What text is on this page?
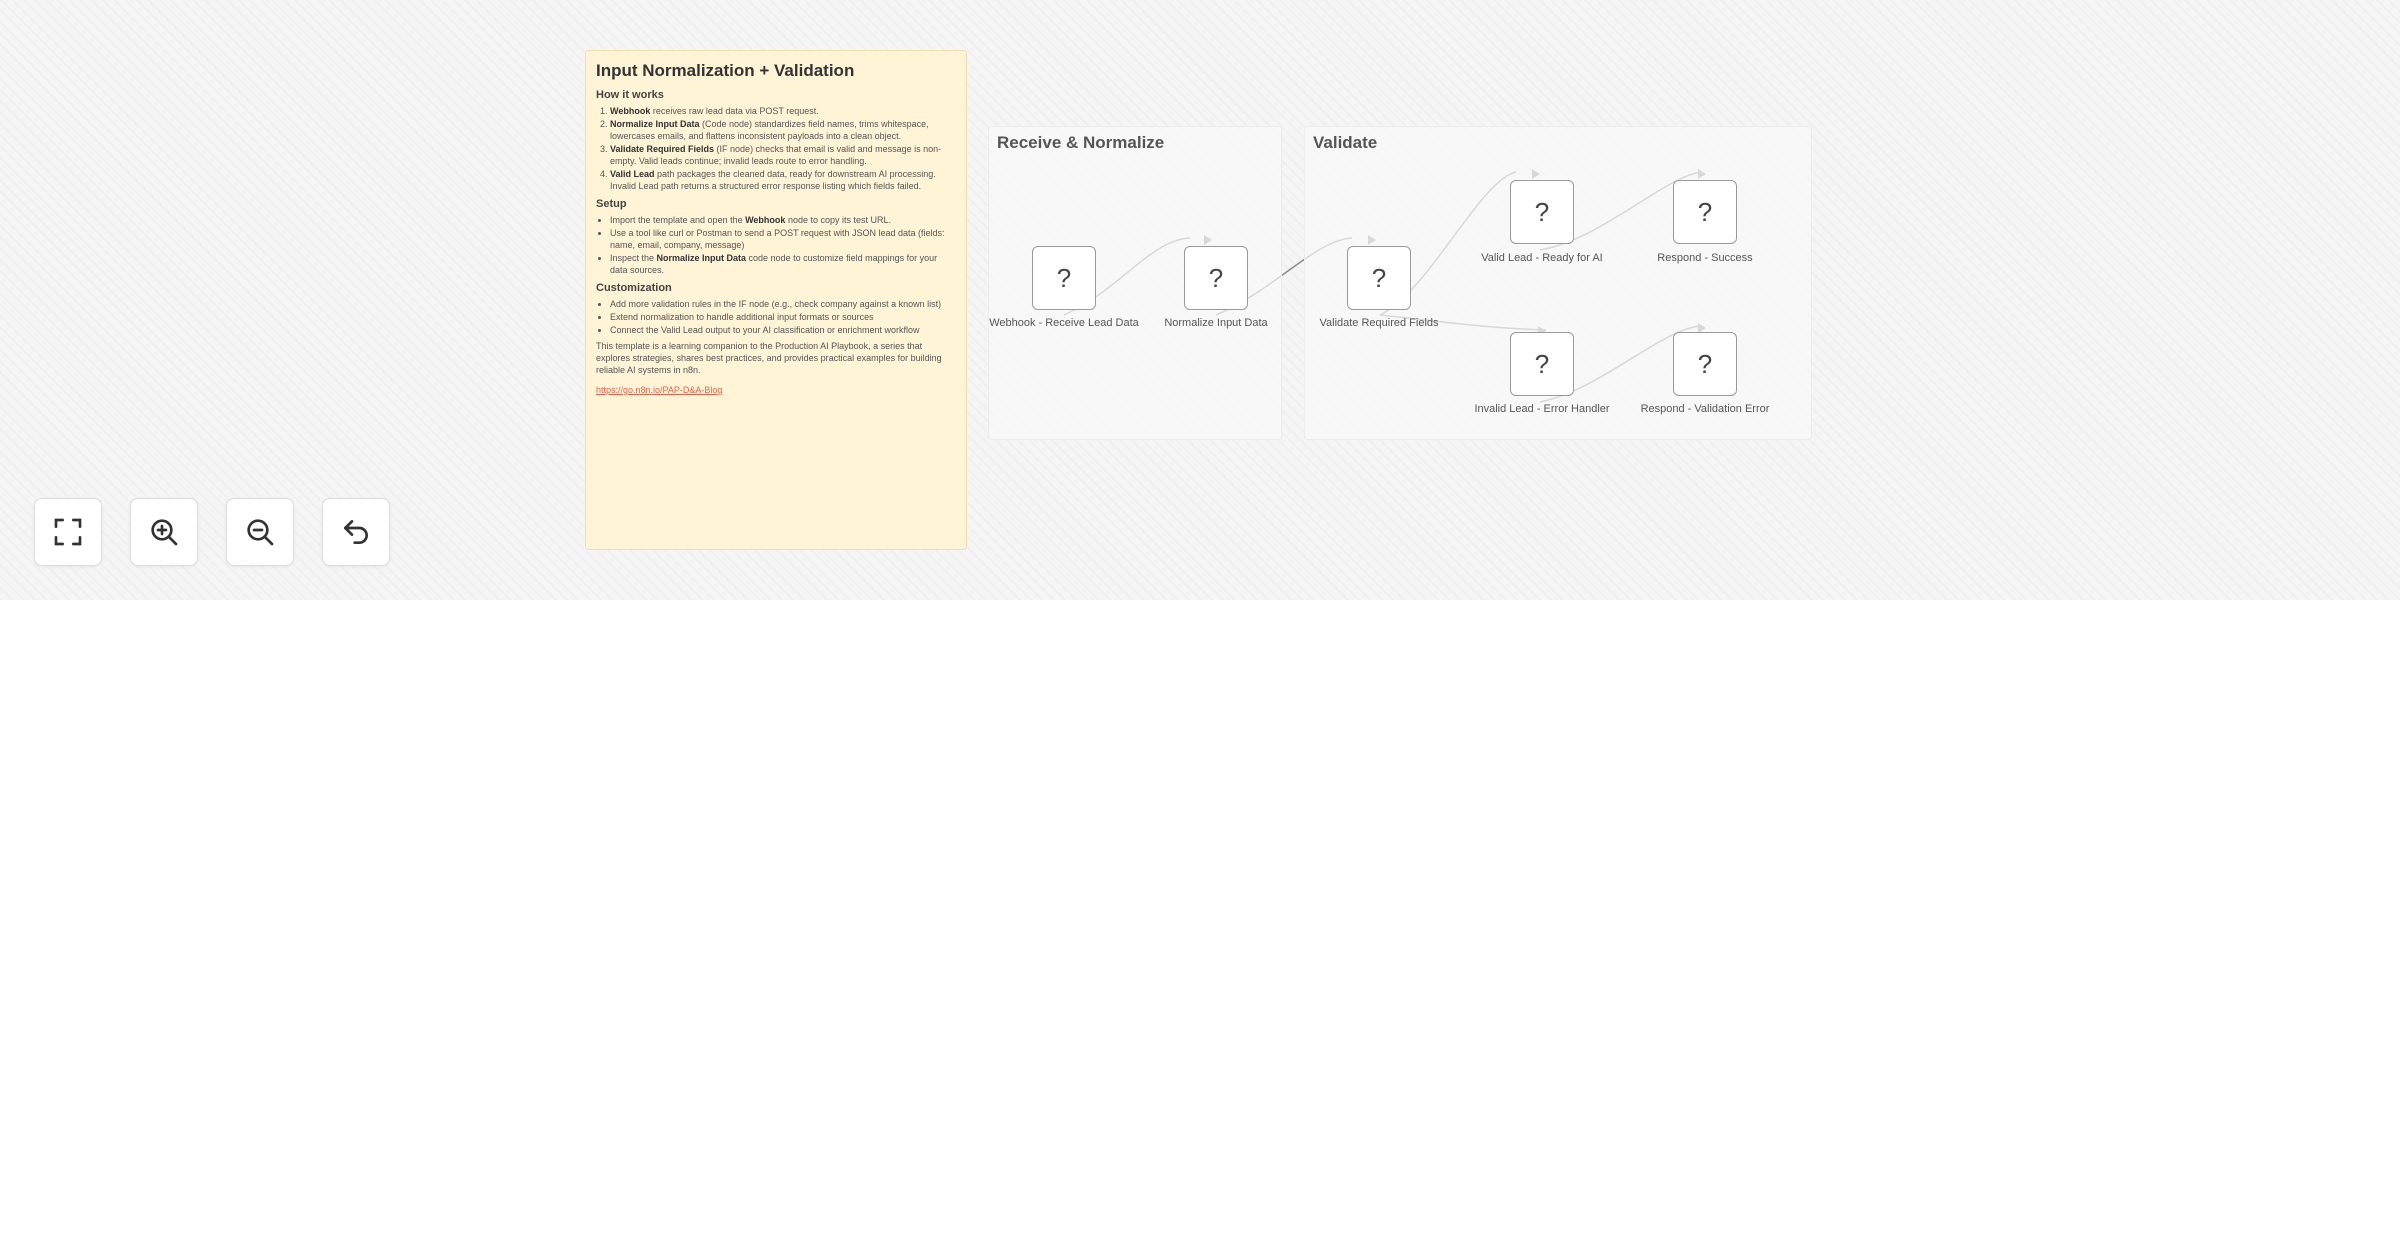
Input Normalization + Validation
How it works
1. Webhook receives raw lead data via POST request.
2. Normalize Input Data (Code node) standardizes field names, trims whitespace, lowercases emails, and flattens inconsistent payloads into a clean object.
3. Validate Required Fields (IF node) checks that email is valid and message is non-empty. Valid leads continue; invalid leads route to error handling.
4. Valid Lead path packages the cleaned data, ready for downstream AI processing. Invalid Lead path returns a structured error response listing which fields failed.
Setup
• Import the template and open the Webhook node to copy its test URL.
• Use a tool like curl or Postman to send a POST request with JSON lead data (fields: name, email, company, message)
• Inspect the Normalize Input Data code node to customize field mappings for your data sources.
Customization
• Add more validation rules in the IF node (e.g., check company against a known list)
• Extend normalization to handle additional input formats or sources
• Connect the Valid Lead output to your AI classification or enrichment workflow

This template is a learning companion to the Production AI Playbook, a series that explores strategies, shares best practices, and provides practical examples for building reliable AI systems in n8n.

https://go.n8n.io/PAP-D&A-Blog
Receive & Normalize	Validate
?
Webhook - Receive Lead Data
?
Normalize Input Data
?
Validate Required Fields
?
Valid Lead - Ready for AI
?
Respond - Success
?
Invalid Lead - Error Handler
?
Respond - Validation Error
